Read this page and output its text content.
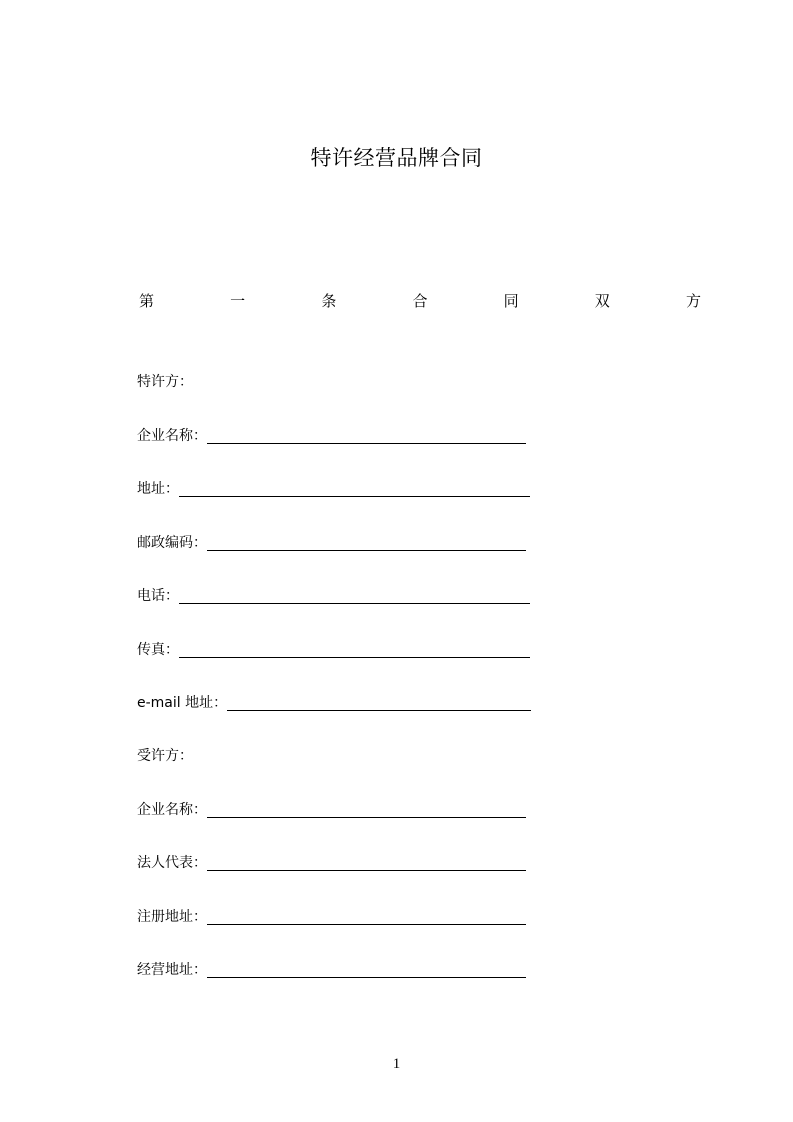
特许经营品牌合同
第	一	条	合	同	双	方
特许方：
企业名称：
地址：
邮政编码：
电话：
传真：
e-mail 地址：
受许方：
企业名称：
法人代表：
注册地址：
经营地址：
1
